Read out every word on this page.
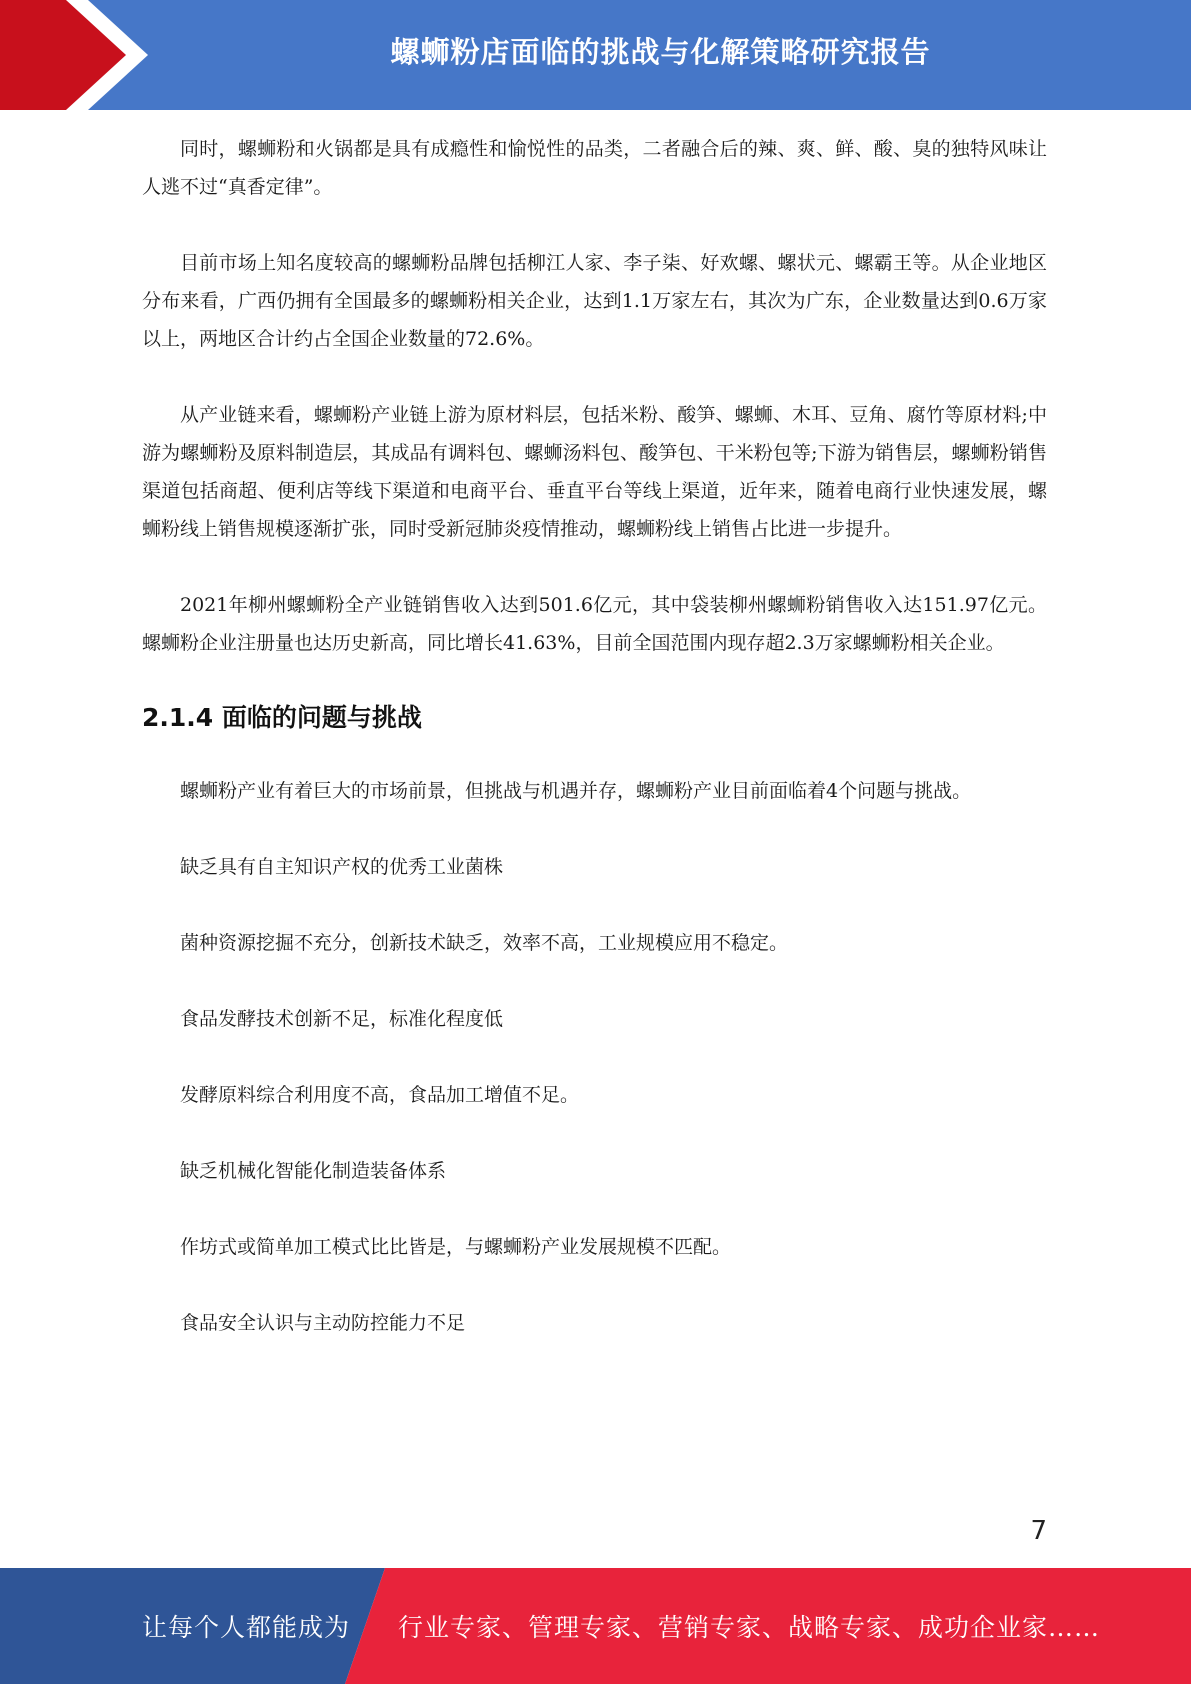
螺蛳粉店面临的挑战与化解策略研究报告

同时，螺蛳粉和火锅都是具有成瘾性和愉悦性的品类，二者融合后的辣、爽、鲜、酸、臭的独特风味让人逃不过“真香定律”。

目前市场上知名度较高的螺蛳粉品牌包括柳江人家、李子柒、好欢螺、螺状元、螺霸王等。从企业地区分布来看，广西仍拥有全国最多的螺蛳粉相关企业，达到1.1万家左右，其次为广东，企业数量达到0.6万家以上，两地区合计约占全国企业数量的72.6%。

从产业链来看，螺蛳粉产业链上游为原材料层，包括米粉、酸笋、螺蛳、木耳、豆角、腐竹等原材料;中游为螺蛳粉及原料制造层，其成品有调料包、螺蛳汤料包、酸笋包、干米粉包等;下游为销售层，螺蛳粉销售渠道包括商超、便利店等线下渠道和电商平台、垂直平台等线上渠道，近年来，随着电商行业快速发展，螺蛳粉线上销售规模逐渐扩张，同时受新冠肺炎疫情推动，螺蛳粉线上销售占比进一步提升。

2021年柳州螺蛳粉全产业链销售收入达到501.6亿元，其中袋装柳州螺蛳粉销售收入达151.97亿元。螺蛳粉企业注册量也达历史新高，同比增长41.63%，目前全国范围内现存超2.3万家螺蛳粉相关企业。

2.1.4 面临的问题与挑战

螺蛳粉产业有着巨大的市场前景，但挑战与机遇并存，螺蛳粉产业目前面临着4个问题与挑战。

缺乏具有自主知识产权的优秀工业菌株

菌种资源挖掘不充分，创新技术缺乏，效率不高，工业规模应用不稳定。

食品发酵技术创新不足，标准化程度低

发酵原料综合利用度不高，食品加工增值不足。

缺乏机械化智能化制造装备体系

作坊式或简单加工模式比比皆是，与螺蛳粉产业发展规模不匹配。

食品安全认识与主动防控能力不足

7
让每个人都能成为 行业专家、管理专家、营销专家、战略专家、成功企业家……
